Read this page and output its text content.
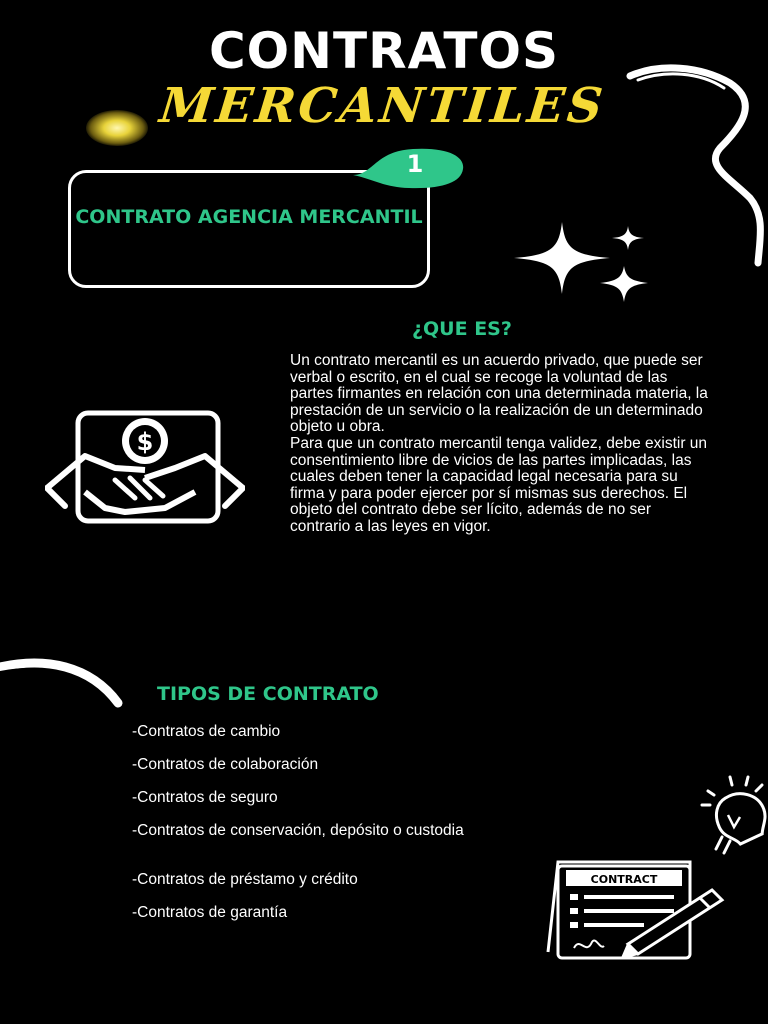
CONTRATOS
MERCANTILES
CONTRATO AGENCIA MERCANTIL
1
¿QUE ES?

Un contrato mercantil es un acuerdo privado, que puede ser verbal o escrito, en el cual se recoge la voluntad de las partes firmantes en relación con una determinada materia, la prestación de un servicio o la realización de un determinado objeto u obra.

Para que un contrato mercantil tenga validez, debe existir un consentimiento libre de vicios de las partes implicadas, las cuales deben tener la capacidad legal necesaria para su firma y para poder ejercer por sí mismas sus derechos. El objeto del contrato debe ser lícito, además de no ser contrario a las leyes en vigor.

$
TIPOS DE CONTRATO
-Contratos de cambio
-Contratos de colaboración
-Contratos de seguro
-Contratos de conservación, depósito o custodia
-Contratos de préstamo y crédito
-Contratos de garantía
CONTRACT
